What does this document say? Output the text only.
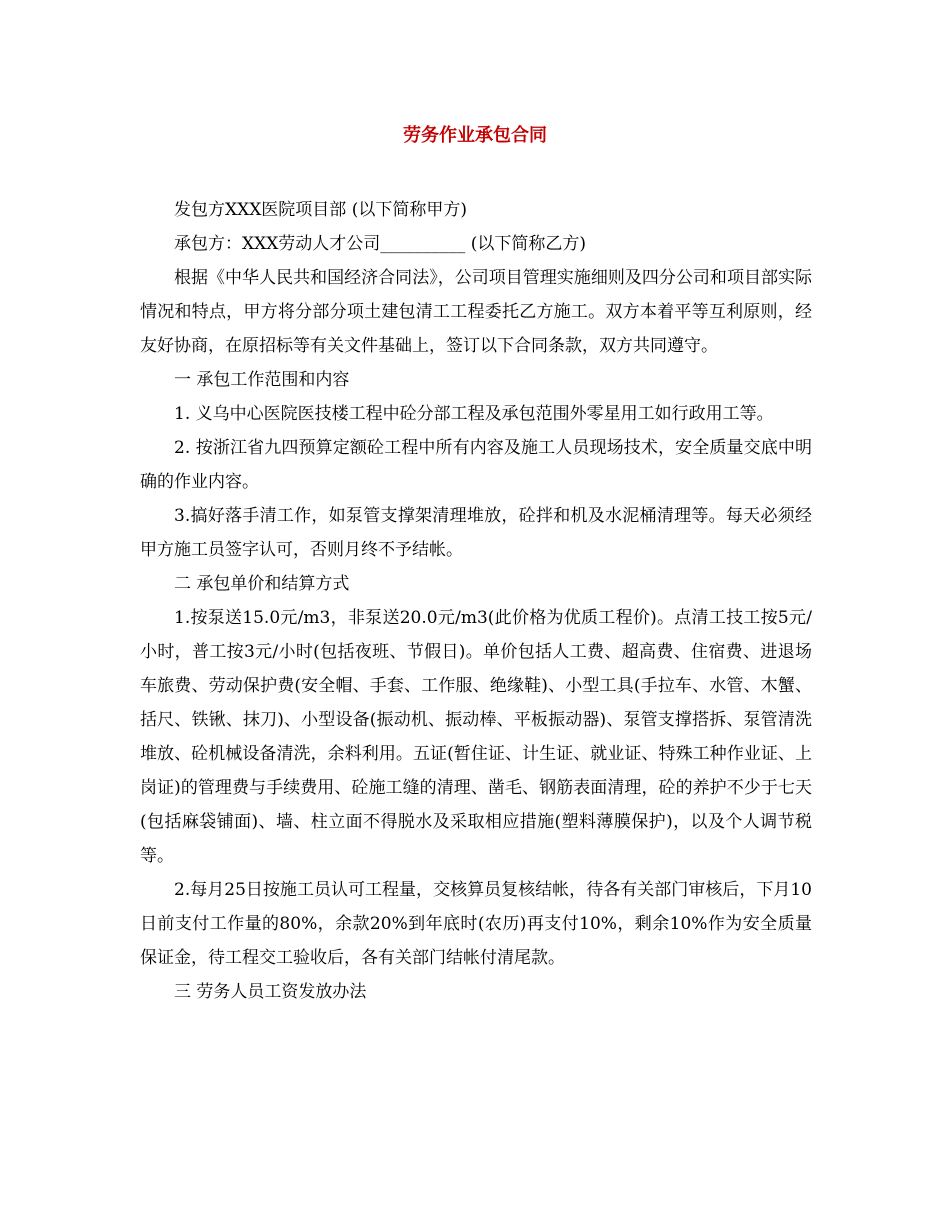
劳务作业承包合同

发包方XXX医院项目部 (以下简称甲方)

承包方：XXX劳动人才公司__________ (以下简称乙方)

根据《中华人民共和国经济合同法》，公司项目管理实施细则及四分公司和项目部实际情况和特点，甲方将分部分项土建包清工工程委托乙方施工。双方本着平等互利原则，经友好协商，在原招标等有关文件基础上，签订以下合同条款，双方共同遵守。

一 承包工作范围和内容

1. 义乌中心医院医技楼工程中砼分部工程及承包范围外零星用工如行政用工等。

2. 按浙江省九四预算定额砼工程中所有内容及施工人员现场技术，安全质量交底中明确的作业内容。

3.搞好落手清工作，如泵管支撑架清理堆放，砼拌和机及水泥桶清理等。每天必须经甲方施工员签字认可，否则月终不予结帐。

二 承包单价和结算方式

1.按泵送15.0元/m3，非泵送20.0元/m3(此价格为优质工程价)。点清工技工按5元/小时，普工按3元/小时(包括夜班、节假日)。单价包括人工费、超高费、住宿费、进退场车旅费、劳动保护费(安全帽、手套、工作服、绝缘鞋)、小型工具(手拉车、水管、木蟹、括尺、铁锹、抹刀)、小型设备(振动机、振动棒、平板振动器)、泵管支撑搭拆、泵管清洗堆放、砼机械设备清洗，余料利用。五证(暂住证、计生证、就业证、特殊工种作业证、上岗证)的管理费与手续费用、砼施工缝的清理、凿毛、钢筋表面清理，砼的养护不少于七天(包括麻袋铺面)、墙、柱立面不得脱水及采取相应措施(塑料薄膜保护)，以及个人调节税等。

2.每月25日按施工员认可工程量，交核算员复核结帐，待各有关部门审核后，下月10日前支付工作量的80%，余款20%到年底时(农历)再支付10%，剩余10%作为安全质量保证金，待工程交工验收后，各有关部门结帐付清尾款。

三 劳务人员工资发放办法
